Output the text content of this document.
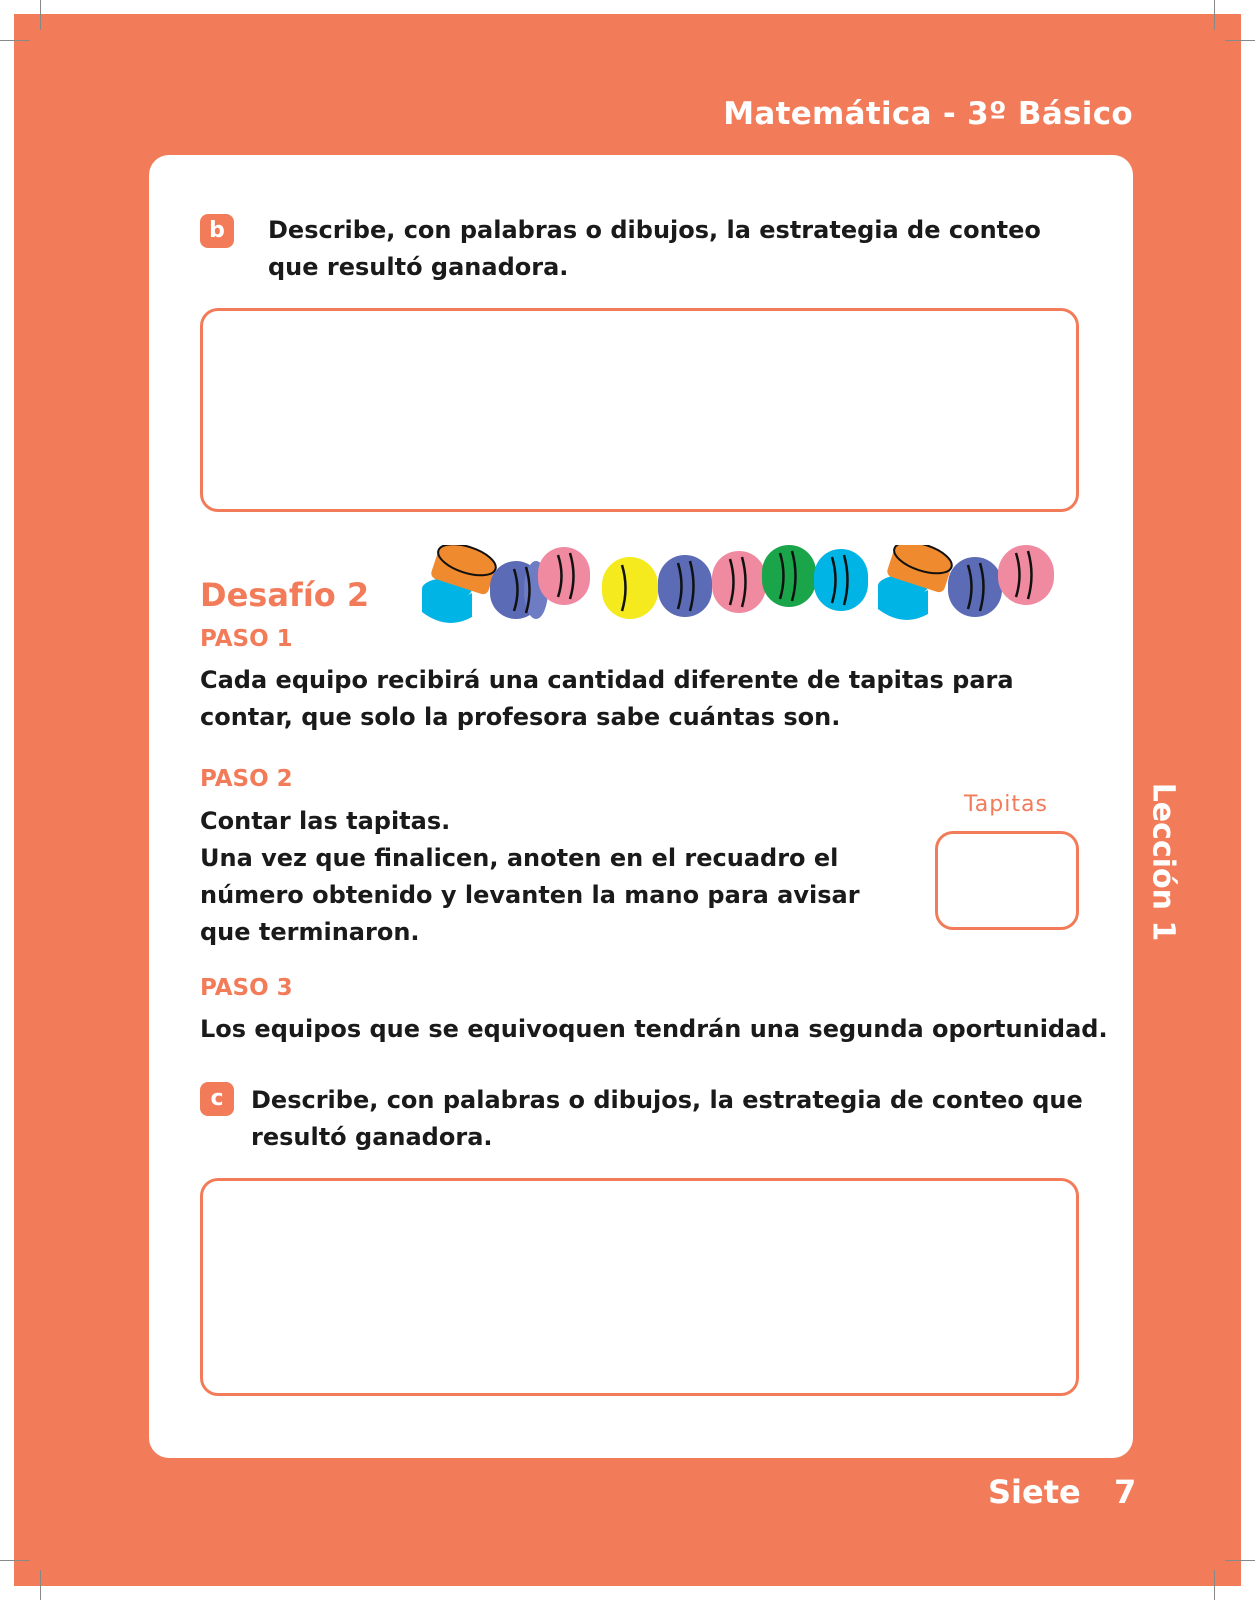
Matemática - 3º Básico
Lección 1
b	Describe, con palabras o dibujos, la estrategia de conteo
que resultó ganadora.
Desafío 2
PASO 1
Cada equipo recibirá una cantidad diferente de tapitas para
contar, que solo la profesora sabe cuántas son.
PASO 2
Contar las tapitas.
Una vez que finalicen, anoten en el recuadro el
número obtenido y levanten la mano para avisar
que terminaron.
Tapitas
PASO 3
Los equipos que se equivoquen tendrán una segunda oportunidad.
c	Describe, con palabras o dibujos, la estrategia de conteo que
resultó ganadora.
Siete 7
